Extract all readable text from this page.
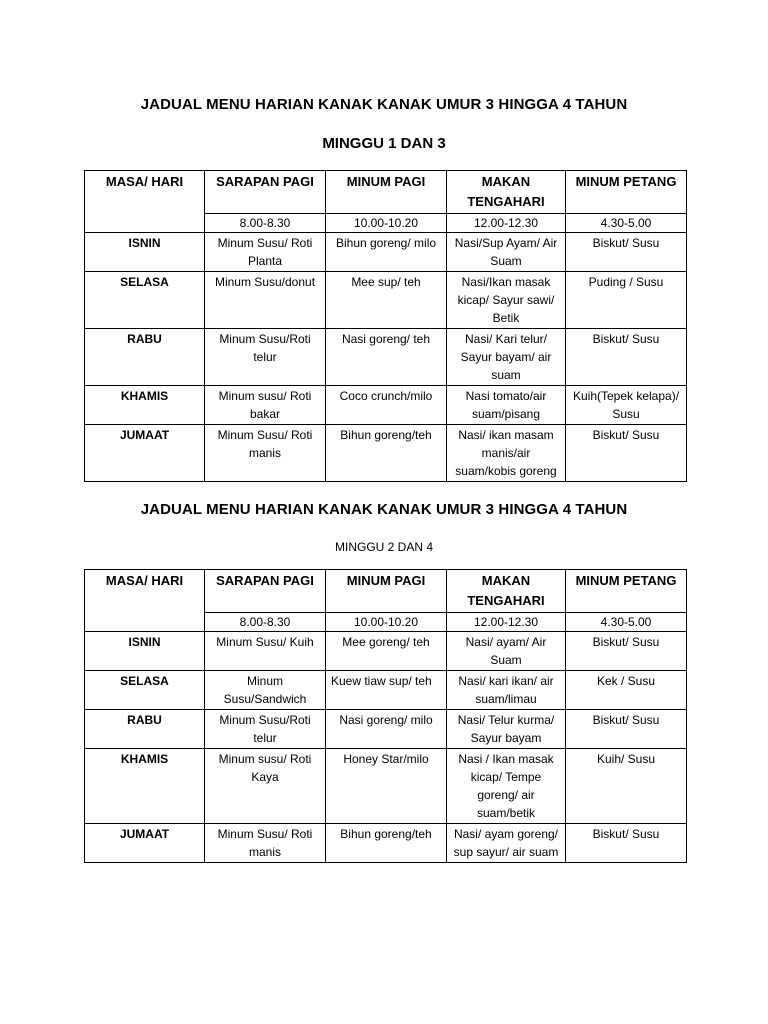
JADUAL MENU HARIAN KANAK KANAK UMUR 3 HINGGA 4 TAHUN
MINGGU 1 DAN 3
MASA/ HARI	SARAPAN PAGI	MINUM PAGI	MAKAN TENGAHARI	MINUM PETANG
	8.00-8.30	10.00-10.20	12.00-12.30	4.30-5.00
ISNIN	Minum Susu/ Roti Planta	Bihun goreng/ milo	Nasi/Sup Ayam/ Air Suam	Biskut/ Susu
SELASA	Minum Susu/donut	Mee sup/ teh	Nasi/Ikan masak kicap/ Sayur sawi/ Betik	Puding / Susu
RABU	Minum Susu/Roti telur	Nasi goreng/ teh	Nasi/ Kari telur/ Sayur bayam/ air suam	Biskut/ Susu
KHAMIS	Minum susu/ Roti bakar	Coco crunch/milo	Nasi tomato/air suam/pisang	Kuih(Tepek kelapa)/ Susu
JUMAAT	Minum Susu/ Roti manis	Bihun goreng/teh	Nasi/ ikan masam manis/air suam/kobis goreng	Biskut/ Susu
JADUAL MENU HARIAN KANAK KANAK UMUR 3 HINGGA 4 TAHUN
MINGGU 2 DAN 4
MASA/ HARI	SARAPAN PAGI	MINUM PAGI	MAKAN TENGAHARI	MINUM PETANG
	8.00-8.30	10.00-10.20	12.00-12.30	4.30-5.00
ISNIN	Minum Susu/ Kuih	Mee goreng/ teh	Nasi/ ayam/ Air Suam	Biskut/ Susu
SELASA	Minum Susu/Sandwich	Kuew tiaw sup/ teh	Nasi/ kari ikan/ air suam/limau	Kek / Susu
RABU	Minum Susu/Roti telur	Nasi goreng/ milo	Nasi/ Telur kurma/ Sayur bayam	Biskut/ Susu
KHAMIS	Minum susu/ Roti Kaya	Honey Star/milo	Nasi / Ikan masak kicap/ Tempe goreng/ air suam/betik	Kuih/ Susu
JUMAAT	Minum Susu/ Roti manis	Bihun goreng/teh	Nasi/ ayam goreng/ sup sayur/ air suam	Biskut/ Susu
